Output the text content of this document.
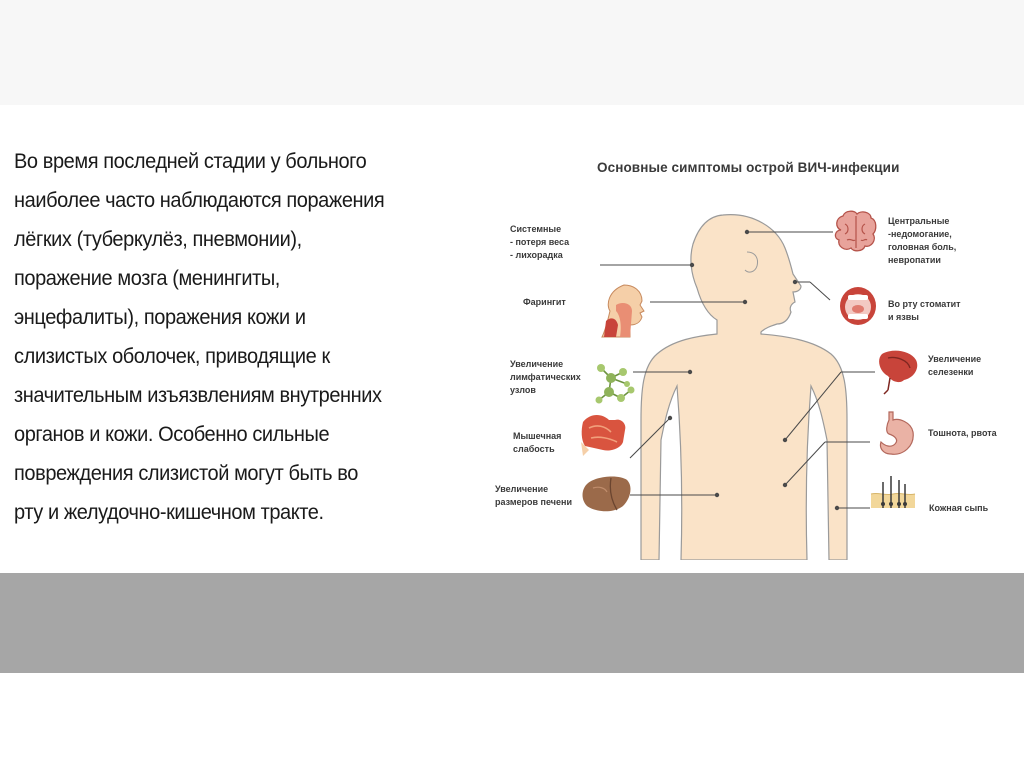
Во время последней стадии у больного
наиболее часто наблюдаются поражения
лёгких (туберкулёз, пневмонии),
поражение мозга (менингиты,
энцефалиты), поражения кожи и
слизистых оболочек, приводящие к
значительным изъязвлениям внутренних
органов и кожи. Особенно сильные
повреждения слизистой могут быть во
рту и желудочно-кишечном тракте.
Основные симптомы острой ВИЧ-инфекции
Системные
- потеря веса
- лихорадка
Фарингит
Увеличение
лимфатических
узлов
Мышечная
слабость
Увеличение
размеров печени
Центральные
-недомогание,
головная боль,
невропатии
Во рту стоматит
и язвы
Увеличение
селезенки
Тошнота, рвота
Кожная сыпь
